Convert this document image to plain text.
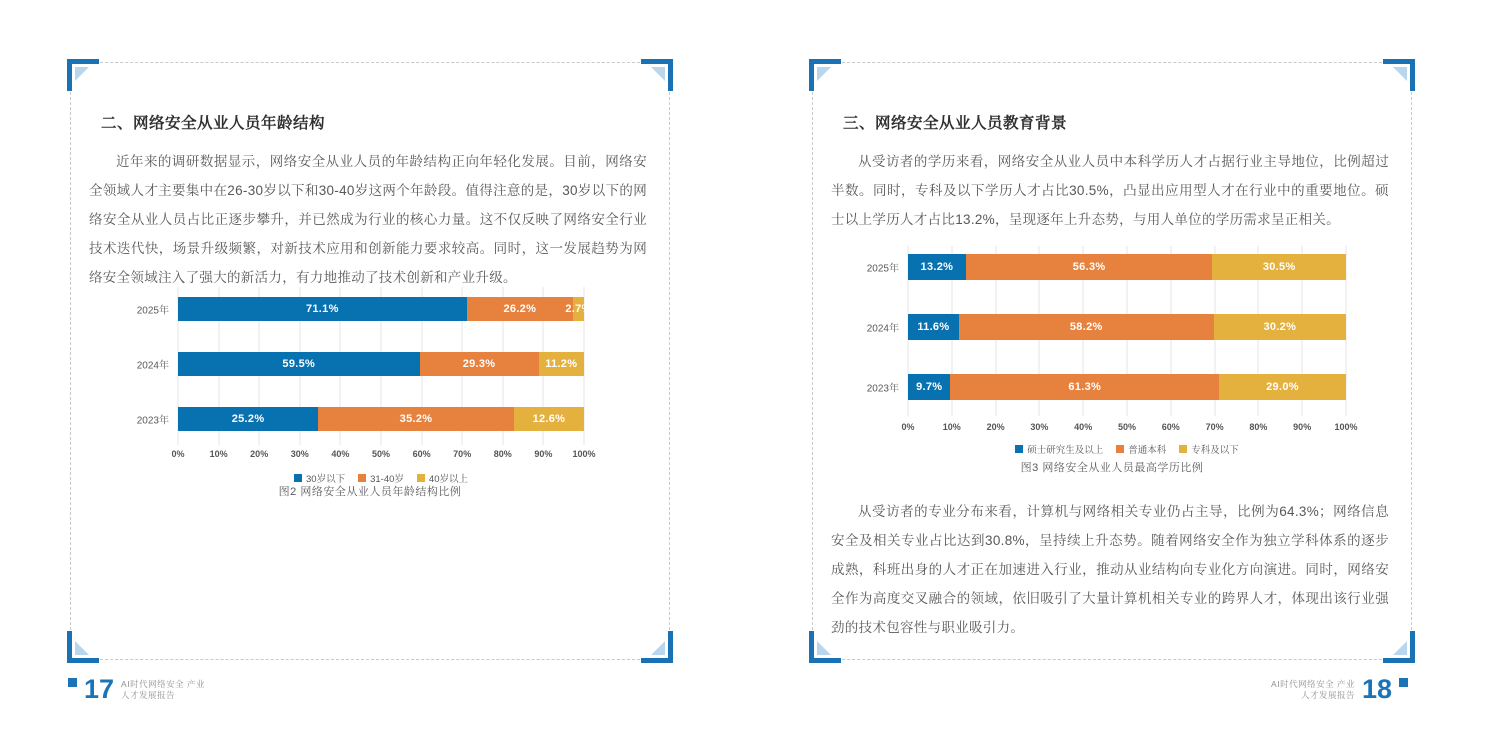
二、网络安全从业人员年龄结构

近年来的调研数据显示，网络安全从业人员的年龄结构正向年轻化发展。目前，网络安全领域人才主要集中在26-30岁以下和30-40岁这两个年龄段。值得注意的是，30岁以下的网络安全从业人员占比正逐步攀升，并已然成为行业的核心力量。这不仅反映了网络安全行业技术迭代快，场景升级频繁，对新技术应用和创新能力要求较高。同时，这一发展趋势为网络安全领域注入了强大的新活力，有力地推动了技术创新和产业升级。

2025年	71.1%	26.2%	2.7%
2024年	59.5%	29.3%	11.2%
2023年	25.2%	35.2%	12.6%
0%	10%	20%	30%	40%	50%	60%	70%	80%	90% 100%
30岁以下	31-40岁	40岁以上

图2 网络安全从业人员年龄结构比例

三、网络安全从业人员教育背景

从受访者的学历来看，网络安全从业人员中本科学历人才占据行业主导地位，比例超过半数。同时，专科及以下学历人才占比30.5%，凸显出应用型人才在行业中的重要地位。硕士以上学历人才占比13.2%，呈现逐年上升态势，与用人单位的学历需求呈正相关。

2025年 13.2%	56.3%	30.5%
2024年 11.6%	58.2%	30.2%
2023年 9.7%	61.3%	29.0%
0%	10%	20%	30%	40%	50%	60%	70%	80%	90%	100%
硕士研究生及以上	普通本科	专科及以下

图3 网络安全从业人员最高学历比例

从受访者的专业分布来看，计算机与网络相关专业仍占主导，比例为64.3%；网络信息安全及相关专业占比达到30.8%，呈持续上升态势。随着网络安全作为独立学科体系的逐步成熟，科班出身的人才正在加速进入行业，推动从业结构向专业化方向演进。同时，网络安全作为高度交叉融合的领域，依旧吸引了大量计算机相关专业的跨界人才，体现出该行业强劲的技术包容性与职业吸引力。

17 AI时代网络安全 产业
人才发展报告
AI时代网络安全 产业
人才发展报告 18
